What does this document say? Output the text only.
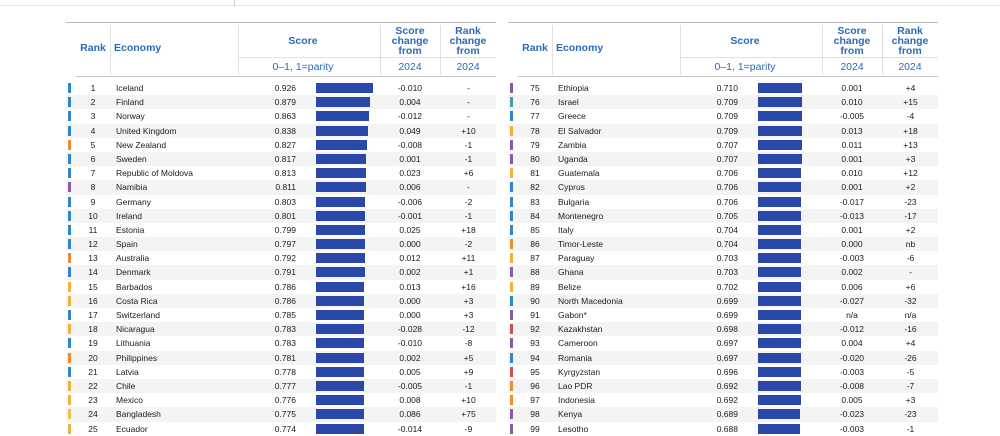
Rank Economy
Score
0–1, 1=parity
Score
change
from
2024
Rank
change
from
2024
1	Iceland	0.926	-0.010	-
2	Finland	0.879	0.004	-
3	Norway	0.863	-0.012	-
4	United Kingdom	0.838	0.049	+10
5	New Zealand	0.827	-0.008	-1
6	Sweden	0.817	0.001	-1
7	Republic of Moldova	0.813	0.023	+6
8	Namibia	0.811	0.006	-
9	Germany	0.803	-0.006	-2
10	Ireland	0.801	-0.001	-1
11	Estonia	0.799	0.025	+18
12	Spain	0.797	0.000	-2
13	Australia	0.792	0.012	+11
14	Denmark	0.791	0.002	+1
15	Barbados	0.786	0.013	+16
16	Costa Rica	0.786	0.000	+3
17	Switzerland	0.785	0.000	+3
18	Nicaragua	0.783	-0.028	-12
19	Lithuania	0.783	-0.010	-8
20	Philippines	0.781	0.002	+5
21	Latvia	0.778	0.005	+9
22	Chile	0.777	-0.005	-1
23	Mexico	0.776	0.008	+10
24	Bangladesh	0.775	0.086	+75
25	Ecuador	0.774	-0.014	-9
Rank Economy
Score
0–1, 1=parity
Score
change
from
2024
Rank
change
from
2024
75	Ethiopia	0.710	0.001	+4
76	Israel	0.709	0.010	+15
77	Greece	0.709	-0.005	-4
78	El Salvador	0.709	0.013	+18
79	Zambia	0.707	0.011	+13
80	Uganda	0.707	0.001	+3
81	Guatemala	0.706	0.010	+12
82	Cyprus	0.706	0.001	+2
83	Bulgaria	0.706	-0.017	-23
84	Montenegro	0.705	-0.013	-17
85	Italy	0.704	0.001	+2
86	Timor-Leste	0.704	0.000	nb
87	Paraguay	0.703	-0.003	-6
88	Ghana	0.703	0.002	-
89	Belize	0.702	0.006	+6
90	North Macedonia	0.699	-0.027	-32
91	Gabon*	0.699	n/a	n/a
92	Kazakhstan	0.698	-0.012	-16
93	Cameroon	0.697	0.004	+4
94	Romania	0.697	-0.020	-26
95	Kyrgyzstan	0.696	-0.003	-5
96	Lao PDR	0.692	-0.008	-7
97	Indonesia	0.692	0.005	+3
98	Kenya	0.689	-0.023	-23
99	Lesotho	0.688	-0.003	-1
